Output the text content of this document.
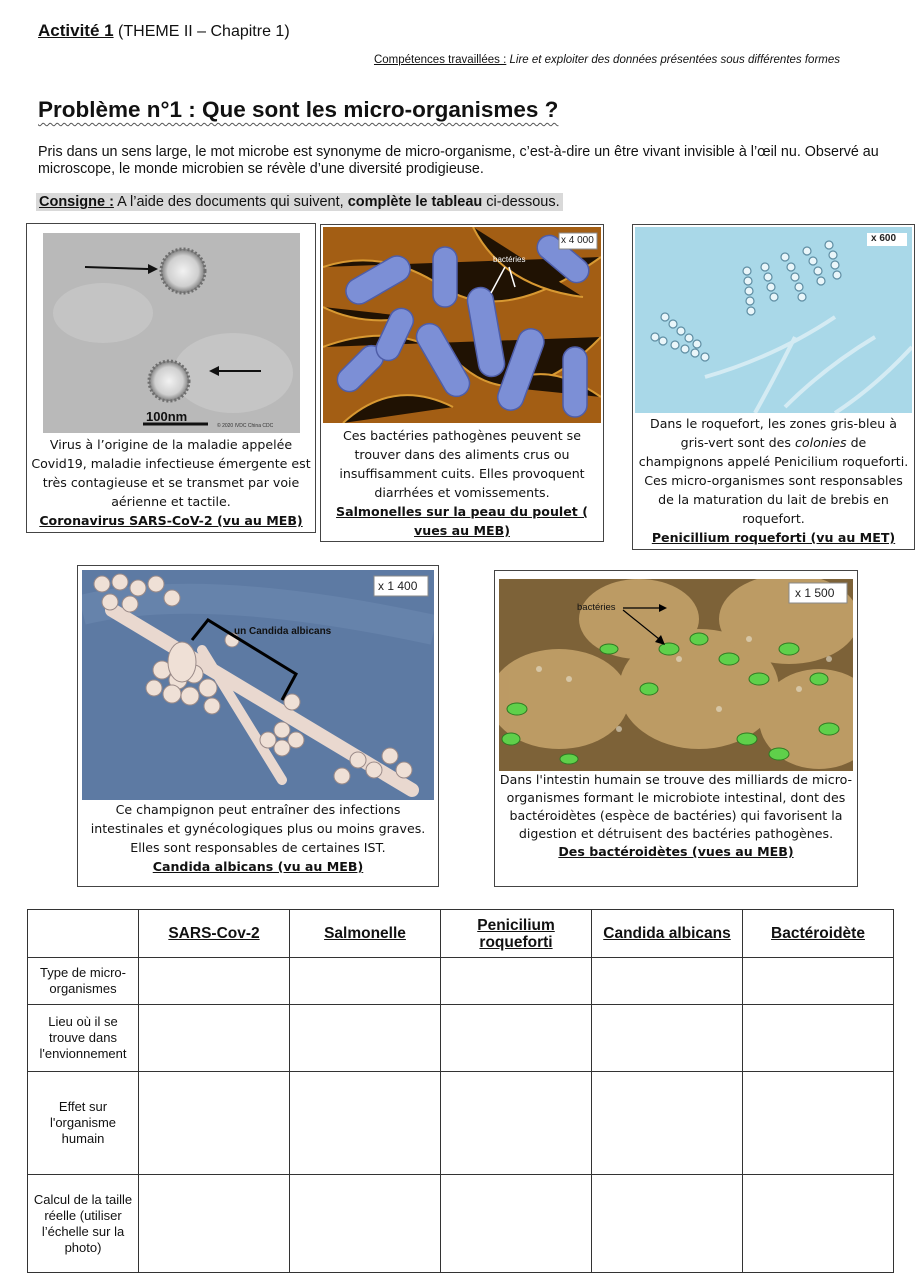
Activité 1 (THEME II – Chapitre 1)
Compétences travaillées : Lire et exploiter des données présentées sous différentes formes
Problème n°1 : Que sont les micro-organismes ?
Pris dans un sens large, le mot microbe est synonyme de micro-organisme, c’est-à-dire un être vivant invisible à l’œil nu. Observé au microscope, le monde microbien se révèle d’une diversité prodigieuse.
Consigne : A l’aide des documents qui suivent, complète le tableau ci-dessous.
100nm
© 2020 IVDC China CDC
Virus à l’origine de la maladie appelée Covid19, maladie infectieuse émergente est très contagieuse et se transmet par voie aérienne et tactile.
Coronavirus SARS-CoV-2 (vu au MEB)
bactéries
x 4 000
Ces bactéries pathogènes peuvent se trouver dans des aliments crus ou insuffisamment cuits. Elles provoquent diarrhées et vomissements.
Salmonelles sur la peau du poulet ( vues au MEB)
x 600
Dans le roquefort, les zones gris-bleu à gris-vert sont des colonies de champignons appelé Penicilium roqueforti. Ces micro-organismes sont responsables de la maturation du lait de brebis en roquefort.
Penicillium roqueforti (vu au MET)
un Candida albicans
x 1 400
Ce champignon peut entraîner des infections intestinales et gynécologiques plus ou moins graves. Elles sont responsables de certaines IST.
Candida albicans (vu au MEB)
bactéries
x 1 500
Dans l'intestin humain se trouve des milliards de micro-organismes formant le microbiote intestinal, dont des bactéroidètes (espèce de bactéries) qui favorisent la digestion et détruisent des bactéries pathogènes.
Des bactéroidètes (vues au MEB)
	SARS-Cov-2	Salmonelle	Penicilium roqueforti	Candida albicans	Bactéroidète
Type de micro-organismes					
Lieu où il se trouve dans l'envionnement					
Effet sur l'organisme humain					
Calcul de la taille réelle (utiliser l’échelle sur la photo)					
